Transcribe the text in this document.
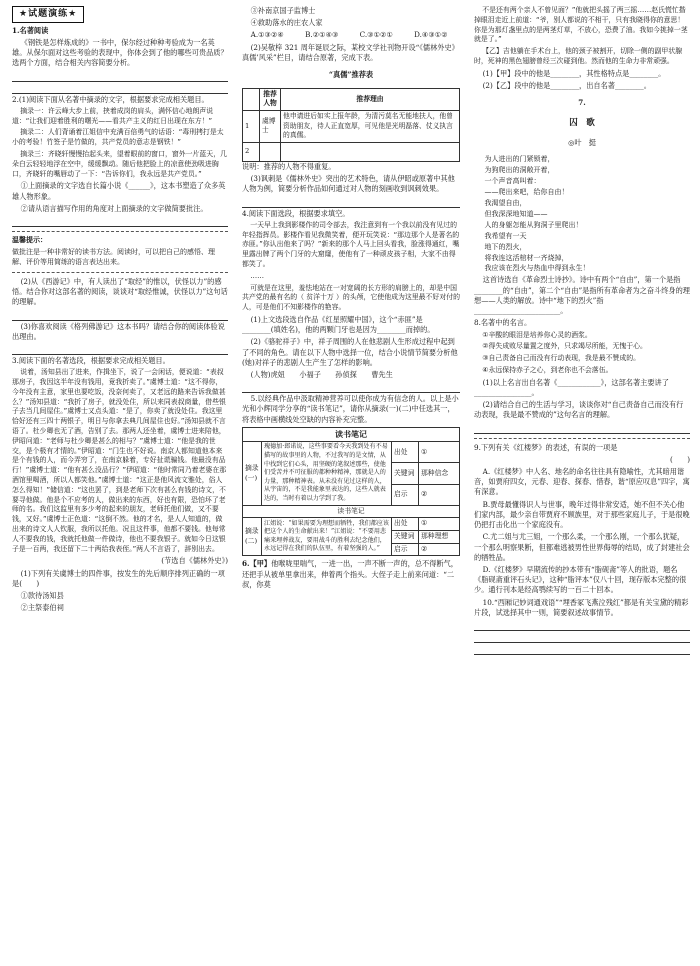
★试题演练★

1.名著阅读

《钢铁是怎样炼成的》一书中，保尔经过种种考验成为一名英雄。从保尔面对这些考验的表现中，你体会到了他的哪些可贵品质？选两个方面，结合相关内容简要分析。

2.(1)阅读下面从名著中摘录的文字，根据要求完成相关题目。

摘录一：许云峰大步上前，挟着成岗的肩头，满怀信心地朗声说道：“让我们迎着胜利的曙光——看共产主义的红日出现在东方！”

摘录二：人们背诵着江姐信中充满百倍勇气的话语：“毒刑拷打是太小的考验！竹签子是竹做的，共产党员的意志是钢铁！”

摘录三：齐晓轩慢慢抬起头来，望着眼前的窗口，窗外一片蓝天，几朵白云轻轻地浮在空中，缓缓飘动。随后他把脸上的凉意使劲吸进胸口，齐晓轩的嘴唇动了一下：“告诉你们，我永远是共产党员。”

①上面摘录的文字选自长篇小说《______》，这本书塑造了众多英雄人物形象。

②请从语言描写作用的角度对上面摘录的文字做简要批注。

温馨提示：

做批注是一种非常好的读书方法。阅读时，可以把自己的感悟、理解、评价等用简练的语言表达出来。

(2)从《西游记》中，有人读出了“取经”的惟以，伏怪以力”的感悟。结合你对这部名著的阅读，谈谈对“取经惟诚，伏怪以力”这句话的理解。

(3)你喜欢阅读《格列佛游记》这本书吗？请结合你的阅读体验说出理由。

3.阅读下面的名著选段，根据要求完成相关题目。

说着，汤知县出了进来，作揖坐下，说了一会闲话，便说道：“表叔那房子，我因这半年没有钱用，竟我折卖了。”虞博士道：“这不得你，今年没有主意，家里也要吃饭，没奈何卖了，又老远的路来告诉我做甚么？”汤知县道：“我折了房子，就没处住，所以来同表叔商量，借些银子去当几间屋住。”虞博士又点头道：“是了，你卖了就没处住。我这里恰好还有三四十两银子，明日与你拿去典几间屋住也好。”汤知县就不言语了。杜少卿也无了酒，告别了去。那两人还坐着，虞博士进来陪他，伊昭问道：“老师与杜少卿是甚么的相与？”虞博士道：“他是我的世交，是个极有才情的。”伊昭道：“门生也不好说。南京人都知道他本来是个有钱的人，而今弄穷了，在南京躲着，专好扯谎骗钱。他最没有品行！”虞博士道：“他有甚么没品行？”伊昭道：“他时常同乃着老婆在那酒馆里喝酒，所以人都笑他。”虞博士道：“这正是他风流文雅处，俗人怎么得知！”储信道：“这也罢了，到是老师下次有甚么有钱的诗文，不要寻他做。他是个不应考的人，做出来的东西，好也有限，恐怕坏了老师的名。我们这监里有多少考的起来的朋友，老师托他们做，又不要钱，又好。”虞博士正色道：“这倒不然。他的才名，是人人知道的，做出来的诗文人人钦服，我所以托他。况且这件事，他都不要钱。他每常人不要我的钱，我就托他做一件做诗，他也不要我银子。就如今日这银子是一百两，我还留下二十两给我表侄。”两人不言语了，辞别出去。

(节选自《儒林外史》)

(1)下列有关虞博士的四件事，按发生的先后顺序排列正确的一项是(　　)

①款待汤知县

②主祭泰伯祠

③补南京国子监博士

④救助落水的庄农人家

A.①③②④	B.②①④③	C.③①②①	D.④③①②

(2)吴敬梓 321 周年诞辰之际，某校文学社刊物开设“《儒林外史》真儒’风采”栏目，请结合原著，完成下表。

“真儒”推荐表

	推荐人物	推荐理由
1	虞博士	他申请进后如实上报年龄，为清污莫名无能地扶人，他曾资助朋友，待人正直宽厚，可见他是光明磊落、仗义执言的真儒。
2		

说明：推荐的人物不得重复。

(3)讽刺是《儒林外史》突出的艺术特色，请从伊昭或原著中其他人物为例，简要分析作品如何通过对人物的刻画收到讽刺效果。

4.阅读下面选段，根据要求填空。

一天早上我到影楼作的司令部去，我注意到有一个我以前没有见过的年轻指挥员。影楼作看见我微笑着，便开玩笑说：“那边那个人是著名的赤匪。”你认出他来了吗？”新来的那个人马上回头看我，脸涨得通红，嘴里露出牌了两个门牙的大窟窿，使他有了一种顽皮孩子相，大家不由得都笑了。

……

可就是在这里，羞怯地站在一对宽阔的长方形的肩膀上的，却是中国共产党的最有名的（ 贫洋十万 ）的头颅，它使他成为这里最不好对付的人，可是他们不知影楼作的艳容。

(1)上文选段选自作品《红星照耀中国》，这个“赤匪”是________(填姓名)，他的两颗门牙也是因为________而掉的。

(2)《骆驼祥子》中，祥子周围的人在他悲剧人生形成过程中起到了不同的角色。请在以下人物中选择一位，结合小说情节简要分析他(她)对祥子的悲剧人生产生了怎样的影响。

(人物)虎妞　　小福子　　孙侦探　　曹先生

5.以经典作品中汲取精神营养可以使你成为有信念的人。以上是小光和小辉同学分享的“读书笔记”，请你从摘录(一)(二)中任选其一，将表格中画横线处空缺的内容补充完整。

读书笔记
摘录(一)	瑰德加·郎诺说，这些事要看今天我到处有不易描写的故事里的人物，不过我写的是文情，从中找到它们心头，用坚硬的笔叙述那些，使他们受苦并不可征服的都种种精神，那就是人的力量，那种精神表。从未没有见过这样的人，从宇宙的，不是我能象里表达的，这些人就表达的，当时有着以力学到了我。	出处	①
		关键词	那种信念
		启示	②
读书笔记			
摘录(二)	江姐说：“如果需要为理想而牺牲，我们都应该把这个人的生命献出来！”江姐说：“不要用悲痛来埋葬战友，要用战斗的胜利去纪念他们，永远记得在我们的队伍里，有着坚强的人。”	出处	①
		关键词	那种理想
		启示	②

6.【甲】他喉咙里喘气，一进一出，一声不断一声的，总不得断气，还把手从被单里拿出来，伸着两个指头。大侄子走上前来问道：“二叔，你莫

不是还有两个亲人不曾见面？”他就把头摇了两三摇……赵氏慌忙揩掉眼泪走近上前道：“爷，别人都说的不相干，只有我晓得你的意思！你是为那灯盏里点的是两茎灯草，不放心，恐费了油。我如今挑掉一茎就是了。”

【乙】吉他躺在手术台上，他的颈子被割开，切除一侧的副甲状腺时，死神的黑色翅膀曾经三次碰到他。然而他的生命力非常顽强。

(1)【甲】段中的他是________，其性格特点是________。

(2)【乙】段中的他是________，出自名著________。

7.

囚　歌

◎叶　挺

为人进出的门紧锁着，

为狗爬出的洞敞开着，

一个声音高叫着：

——爬出来吧，给你自由！

我渴望自由，

但我深深地知道——

人的身躯怎能从狗洞子里爬出！

我希望有一天

地下的烈火，

将我连这活棺材一齐烧掉，

我应该在烈火与热血中得到永生！

这首诗选自《革命烈士诗抄》。诗中有两个“自由”，第一个是指________的“自由”，第二个“自由”是指所有革命者为之奋斗终身的理想——人类的解放。诗中“地下的烈火”指________________________。

8.名著中的名言。

①辛酸的眼泪是培养你心灵的酒浆。

②得失成败尽量置之度外，只求竭尽所能，无愧于心。

③自己责备自己而没有行动表现，我是最不赞成的。

④永远保持赤子之心，到老你也不会落伍。

(1)以上名言出自名著《____________》，这部名著主要讲了________________。

(2)请结合自己的生活与学习，谈谈你对“自己责备自己而没有行动表现，我是最不赞成的”这句名言的理解。

9.下列有关《红楼梦》的表述，有误的一项是

(　　)

A.《红楼梦》中人名、地名的命名往往具有隐喻性，尤其暗用谐音，如贾府四女，元春、迎春、探春、惜春，谐“原应叹息”四字，寓有深意。

B.贾母最懂得识人与世事，晚年过得非常安适，她不但不关心他们家内部，最少亲自带贾府不顾族里，对于那些家庭儿子，于是很晚仍把打击化出一个家庭没有。

C.尤二姐与尤三姐，一个那么柔，一个那么刚，一个那么犹疑，一个那么明察果断，但都难逃被男性世界侮辱的结局，成了封建社会的牺牲品。

D.《红楼梦》早期流传的抄本带有“脂砚斋”等人的批语，题名《脂砚斋重评石头记》，这种“脂评本”仅八十回，现存版本完整的很少。通行刊本是经高鹗续写的一百二十回本。

10.“西厢记妙词通戏语”“埋香冢飞燕泣残红”都是有关宝黛的精彩片段，试选择其中一则，简要叙述故事情节。
